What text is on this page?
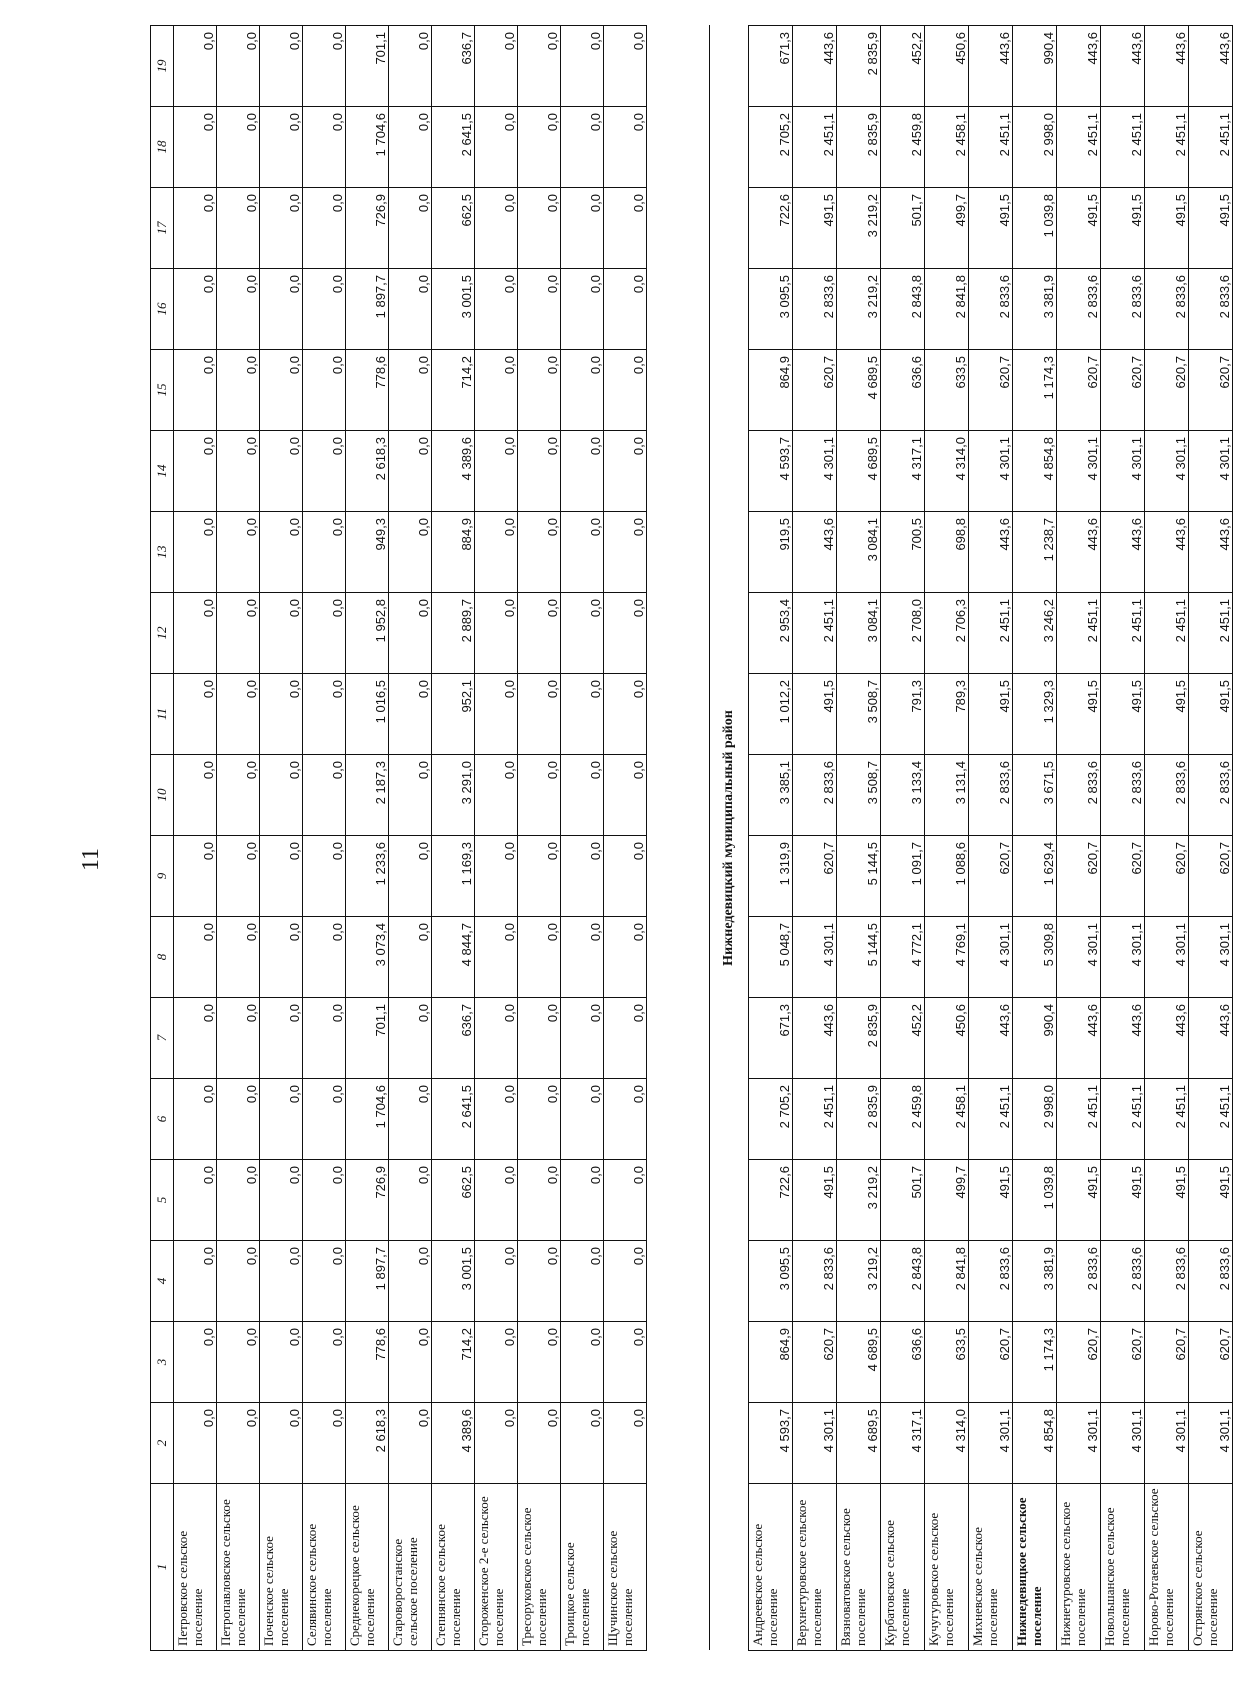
11
1	2	3	4	5	6	7	8	9	10	11	12	13	14	15	16	17	18	19
Петровское сельское поселение	0,0	0,0	0,0	0,0	0,0	0,0	0,0	0,0	0,0	0,0	0,0	0,0	0,0	0,0	0,0	0,0	0,0	0,0
Петропавловское сельское поселение	0,0	0,0	0,0	0,0	0,0	0,0	0,0	0,0	0,0	0,0	0,0	0,0	0,0	0,0	0,0	0,0	0,0	0,0
Поченское сельское поселение	0,0	0,0	0,0	0,0	0,0	0,0	0,0	0,0	0,0	0,0	0,0	0,0	0,0	0,0	0,0	0,0	0,0	0,0
Селявинское сельское поселение	0,0	0,0	0,0	0,0	0,0	0,0	0,0	0,0	0,0	0,0	0,0	0,0	0,0	0,0	0,0	0,0	0,0	0,0
Среднекорецкое сельское поселение	2 618,3	778,6	1 897,7	726,9	1 704,6	701,1	3 073,4	1 233,6	2 187,3	1 016,5	1 952,8	949,3	2 618,3	778,6	1 897,7	726,9	1 704,6	701,1
Староворостанское сельское поселение	0,0	0,0	0,0	0,0	0,0	0,0	0,0	0,0	0,0	0,0	0,0	0,0	0,0	0,0	0,0	0,0	0,0	0,0
Степнянское сельское поселение	4 389,6	714,2	3 001,5	662,5	2 641,5	636,7	4 844,7	1 169,3	3 291,0	952,1	2 889,7	884,9	4 389,6	714,2	3 001,5	662,5	2 641,5	636,7
Стороженское 2-е сельское поселение	0,0	0,0	0,0	0,0	0,0	0,0	0,0	0,0	0,0	0,0	0,0	0,0	0,0	0,0	0,0	0,0	0,0	0,0
Тресоруковское сельское поселение	0,0	0,0	0,0	0,0	0,0	0,0	0,0	0,0	0,0	0,0	0,0	0,0	0,0	0,0	0,0	0,0	0,0	0,0
Троицкое сельское поселение	0,0	0,0	0,0	0,0	0,0	0,0	0,0	0,0	0,0	0,0	0,0	0,0	0,0	0,0	0,0	0,0	0,0	0,0
Щучинское сельское поселение	0,0	0,0	0,0	0,0	0,0	0,0	0,0	0,0	0,0	0,0	0,0	0,0	0,0	0,0	0,0	0,0	0,0	0,0

Нижнедевицкий муниципальный район																		
Андреевское сельское поселение	4 593,7	864,9	3 095,5	722,6	2 705,2	671,3	5 048,7	1 319,9	3 385,1	1 012,2	2 953,4	919,5	4 593,7	864,9	3 095,5	722,6	2 705,2	671,3
Верхнетуровское сельское поселение	4 301,1	620,7	2 833,6	491,5	2 451,1	443,6	4 301,1	620,7	2 833,6	491,5	2 451,1	443,6	4 301,1	620,7	2 833,6	491,5	2 451,1	443,6
Вязноватовское сельское поселение	4 689,5	4 689,5	3 219,2	3 219,2	2 835,9	2 835,9	5 144,5	5 144,5	3 508,7	3 508,7	3 084,1	3 084,1	4 689,5	4 689,5	3 219,2	3 219,2	2 835,9	2 835,9
Курбатовское сельское поселение	4 317,1	636,6	2 843,8	501,7	2 459,8	452,2	4 772,1	1 091,7	3 133,4	791,3	2 708,0	700,5	4 317,1	636,6	2 843,8	501,7	2 459,8	452,2
Кучугуровское сельское поселение	4 314,0	633,5	2 841,8	499,7	2 458,1	450,6	4 769,1	1 088,6	3 131,4	789,3	2 706,3	698,8	4 314,0	633,5	2 841,8	499,7	2 458,1	450,6
Михневское сельское поселение	4 301,1	620,7	2 833,6	491,5	2 451,1	443,6	4 301,1	620,7	2 833,6	491,5	2 451,1	443,6	4 301,1	620,7	2 833,6	491,5	2 451,1	443,6
Нижнедевицкое сельское поселение	4 854,8	1 174,3	3 381,9	1 039,8	2 998,0	990,4	5 309,8	1 629,4	3 671,5	1 329,3	3 246,2	1 238,7	4 854,8	1 174,3	3 381,9	1 039,8	2 998,0	990,4
Нижнетуровское сельское поселение	4 301,1	620,7	2 833,6	491,5	2 451,1	443,6	4 301,1	620,7	2 833,6	491,5	2 451,1	443,6	4 301,1	620,7	2 833,6	491,5	2 451,1	443,6
Новольшанское сельское поселение	4 301,1	620,7	2 833,6	491,5	2 451,1	443,6	4 301,1	620,7	2 833,6	491,5	2 451,1	443,6	4 301,1	620,7	2 833,6	491,5	2 451,1	443,6
Норово-Ротаевское сельское поселение	4 301,1	620,7	2 833,6	491,5	2 451,1	443,6	4 301,1	620,7	2 833,6	491,5	2 451,1	443,6	4 301,1	620,7	2 833,6	491,5	2 451,1	443,6
Острянское сельское поселение	4 301,1	620,7	2 833,6	491,5	2 451,1	443,6	4 301,1	620,7	2 833,6	491,5	2 451,1	443,6	4 301,1	620,7	2 833,6	491,5	2 451,1	443,6
